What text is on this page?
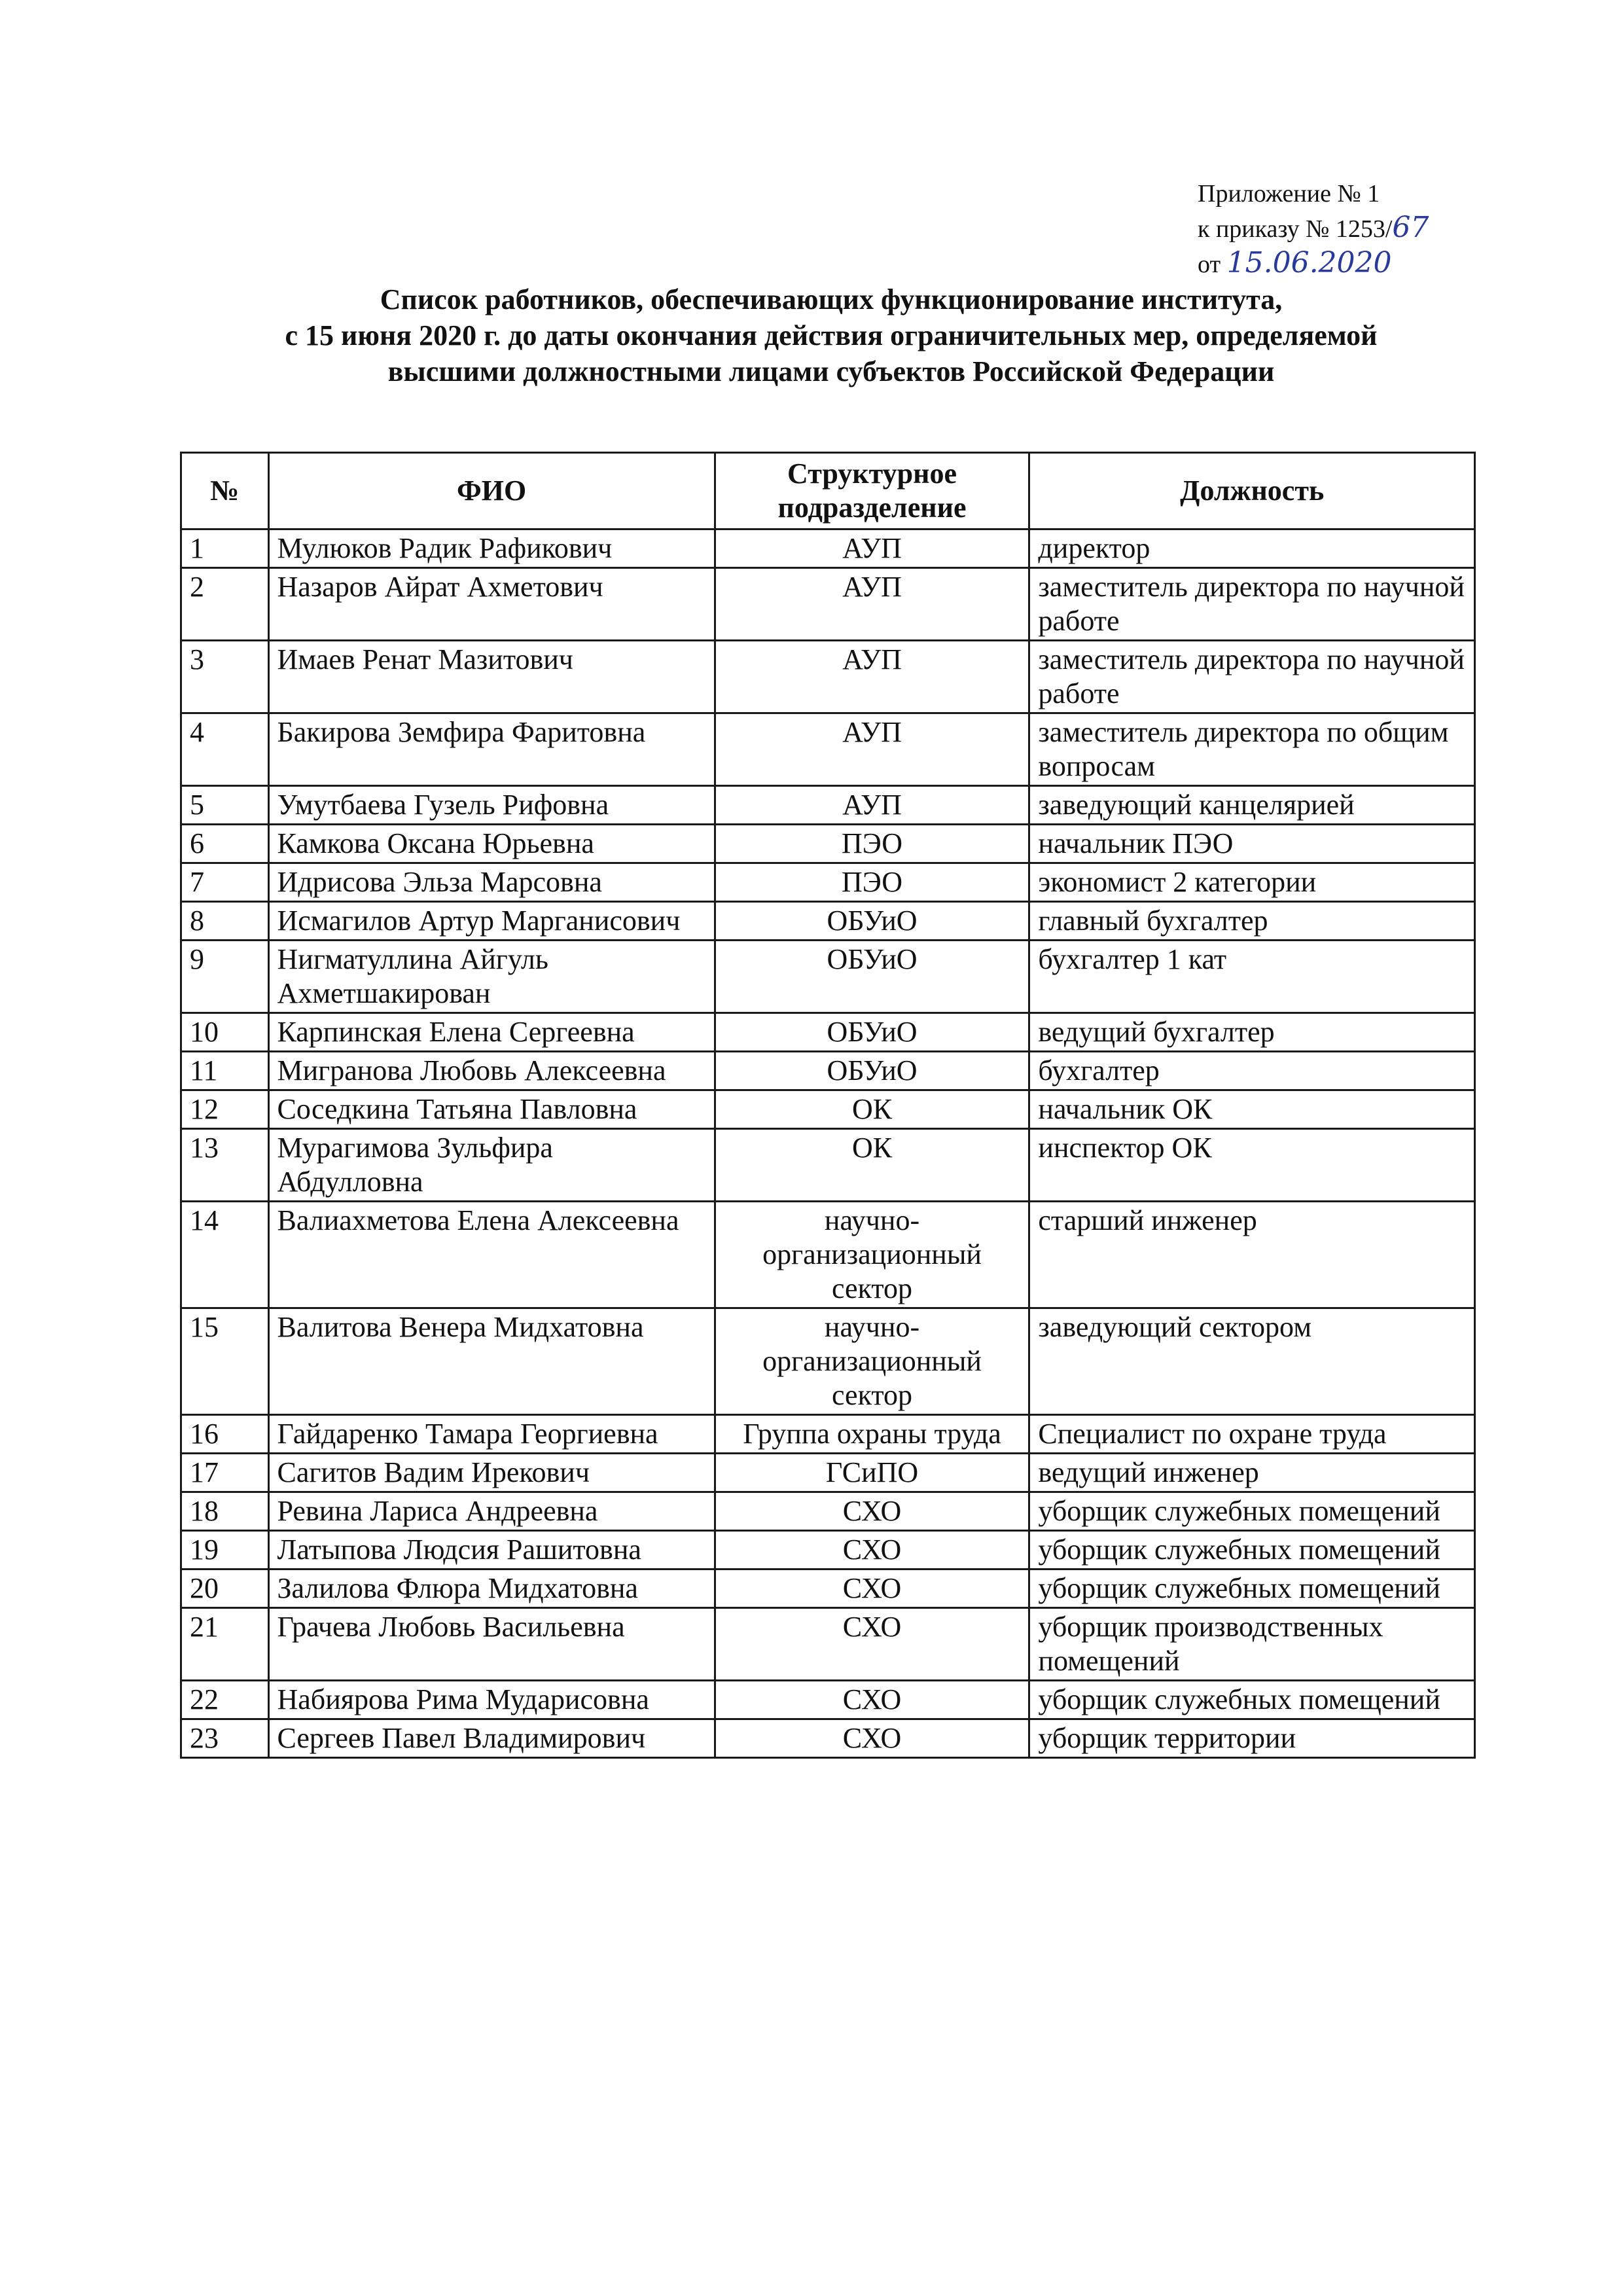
Приложение № 1
к приказу № 1253/67
от 15.06.2020
Список работников, обеспечивающих функционирование института,
с 15 июня 2020 г. до даты окончания действия ограничительных мер, определяемой
высшими должностными лицами субъектов Российской Федерации
№	ФИО	Структурное подразделение	Должность
1	Мулюков Радик Рафикович	АУП	директор
2	Назаров Айрат Ахметович	АУП	заместитель директора по научной работе
3	Имаев Ренат Мазитович	АУП	заместитель директора по научной работе
4	Бакирова Земфира Фаритовна	АУП	заместитель директора по общим вопросам
5	Умутбаева Гузель Рифовна	АУП	заведующий канцелярией
6	Камкова Оксана Юрьевна	ПЭО	начальник ПЭО
7	Идрисова Эльза Марсовна	ПЭО	экономист 2 категории
8	Исмагилов Артур Марганисович	ОБУиО	главный бухгалтер
9	Нигматуллина Айгуль Ахметшакирован	ОБУиО	бухгалтер 1 кат
10	Карпинская Елена Сергеевна	ОБУиО	ведущий бухгалтер
11	Мигранова Любовь Алексеевна	ОБУиО	бухгалтер
12	Соседкина Татьяна Павловна	ОК	начальник ОК
13	Мурагимова Зульфира Абдулловна	ОК	инспектор ОК
14	Валиахметова Елена Алексеевна	научно-организационный сектор	старший инженер
15	Валитова Венера Мидхатовна	научно-организационный сектор	заведующий сектором
16	Гайдаренко Тамара Георгиевна	Группа охраны труда	Специалист по охране труда
17	Сагитов Вадим Ирекович	ГСиПО	ведущий инженер
18	Ревина Лариса Андреевна	СХО	уборщик служебных помещений
19	Латыпова Людсия Рашитовна	СХО	уборщик служебных помещений
20	Залилова Флюра Мидхатовна	СХО	уборщик служебных помещений
21	Грачева Любовь Васильевна	СХО	уборщик производственных помещений
22	Набиярова Рима Мударисовна	СХО	уборщик служебных помещений
23	Сергеев Павел Владимирович	СХО	уборщик территории
